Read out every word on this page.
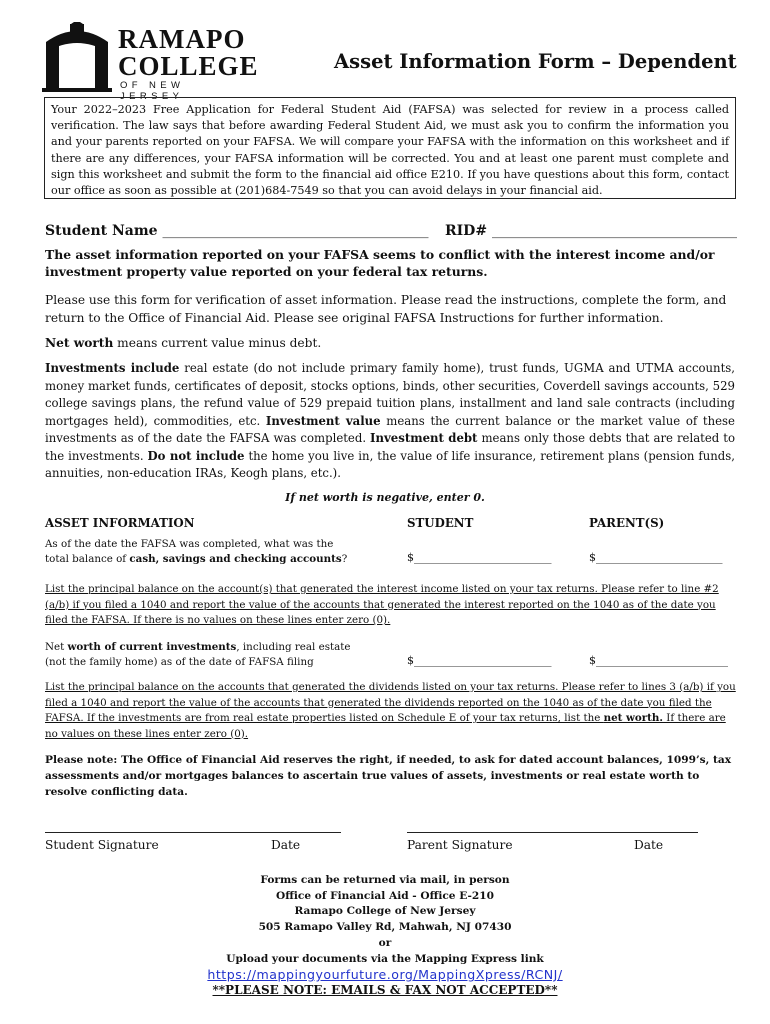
RAMAPO
COLLEGE
OF NEW JERSEY
Asset Information Form – Dependent
Your 2022–2023 Free Application for Federal Student Aid (FAFSA) was selected for review in a process called verification. The law says that before awarding Federal Student Aid, we must ask you to confirm the information you and your parents reported on your FAFSA. We will compare your FAFSA with the information on this worksheet and if there are any differences, your FAFSA information will be corrected. You and at least one parent must complete and sign this worksheet and submit the form to the financial aid office E210. If you have questions about this form, contact our office as soon as possible at (201)684-7549 so that you can avoid delays in your financial aid.
Student Name ______________________________________ RID# ___________________________________
The asset information reported on your FAFSA seems to conflict with the interest income and/or investment property value reported on your federal tax returns.
Please use this form for verification of asset information. Please read the instructions, complete the form, and return to the Office of Financial Aid. Please see original FAFSA Instructions for further information.
Net worth means current value minus debt.
Investments include real estate (do not include primary family home), trust funds, UGMA and UTMA accounts, money market funds, certificates of deposit, stocks options, binds, other securities, Coverdell savings accounts, 529 college savings plans, the refund value of 529 prepaid tuition plans, installment and land sale contracts (including mortgages held), commodities, etc. Investment value means the current balance or the market value of these investments as of the date the FAFSA was completed. Investment debt means only those debts that are related to the investments. Do not include the home you live in, the value of life insurance, retirement plans (pension funds, annuities, non-education IRAs, Keogh plans, etc.).
If net worth is negative, enter 0.
ASSET INFORMATION	STUDENT	PARENT(S)
As of the date the FAFSA was completed, what was the
total balance of cash, savings and checking accounts?	$_________________________	$_______________________
List the principal balance on the account(s) that generated the interest income listed on your tax returns. Please refer to line #2 (a/b) if you filed a 1040 and report the value of the accounts that generated the interest reported on the 1040 as of the date you filed the FAFSA. If there is no values on these lines enter zero (0).
Net worth of current investments, including real estate
(not the family home) as of the date of FAFSA filing	$_________________________	$________________________
List the principal balance on the accounts that generated the dividends listed on your tax returns. Please refer to lines 3 (a/b) if you filed a 1040 and report the value of the accounts that generated the dividends reported on the 1040 as of the date you filed the FAFSA. If the investments are from real estate properties listed on Schedule E of your tax returns, list the net worth. If there are no values on these lines enter zero (0).
Please note: The Office of Financial Aid reserves the right, if needed, to ask for dated account balances, 1099’s, tax assessments and/or mortgages balances to ascertain true values of assets, investments or real estate worth to resolve conflicting data.
Student Signature	Date	Parent Signature	Date
Forms can be returned via mail, in person
Office of Financial Aid - Office E-210
Ramapo College of New Jersey
505 Ramapo Valley Rd, Mahwah, NJ 07430
or
Upload your documents via the Mapping Express link
https://mappingyourfuture.org/MappingXpress/RCNJ/
**PLEASE NOTE: EMAILS & FAX NOT ACCEPTED**
